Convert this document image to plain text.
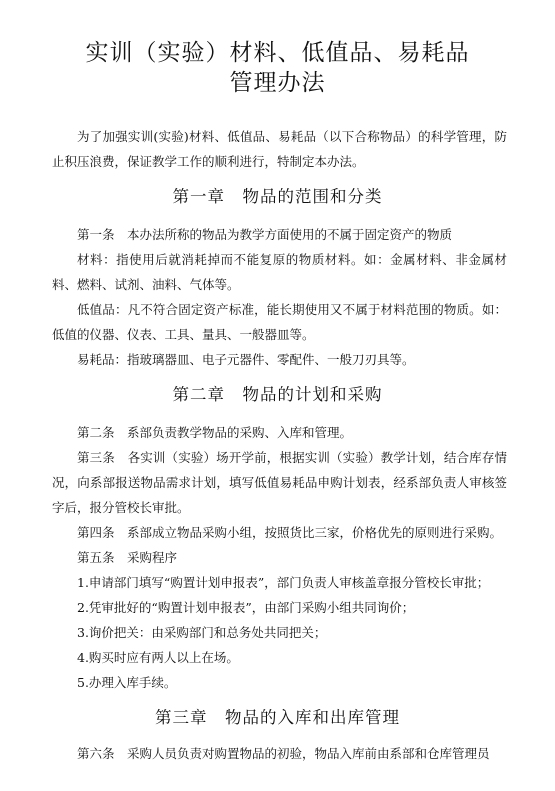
实训（实验）材料、低值品、易耗品
管理办法

为了加强实训(实验)材料、低值品、易耗品（以下合称物品）的科学管理，防止积压浪费，保证教学工作的顺利进行，特制定本办法。

第一章　物品的范围和分类

第一条　本办法所称的物品为教学方面使用的不属于固定资产的物质

材料：指使用后就消耗掉而不能复原的物质材料。如：金属材料、非金属材料、燃料、试剂、油料、气体等。

低值品：凡不符合固定资产标准，能长期使用又不属于材料范围的物质。如：低值的仪器、仪表、工具、量具、一般器皿等。

易耗品：指玻璃器皿、电子元器件、零配件、一般刀刃具等。

第二章　物品的计划和采购

第二条　系部负责教学物品的采购、入库和管理。

第三条　各实训（实验）场开学前，根据实训（实验）教学计划，结合库存情况，向系部报送物品需求计划，填写低值易耗品申购计划表，经系部负责人审核签字后，报分管校长审批。

第四条　系部成立物品采购小组，按照货比三家，价格优先的原则进行采购。

第五条　采购程序

1.申请部门填写“购置计划申报表”，部门负责人审核盖章报分管校长审批；

2.凭审批好的“购置计划申报表”，由部门采购小组共同询价；

3.询价把关：由采购部门和总务处共同把关；

4.购买时应有两人以上在场。

5.办理入库手续。

第三章　物品的入库和出库管理

第六条　采购人员负责对购置物品的初验，物品入库前由系部和仓库管理员
